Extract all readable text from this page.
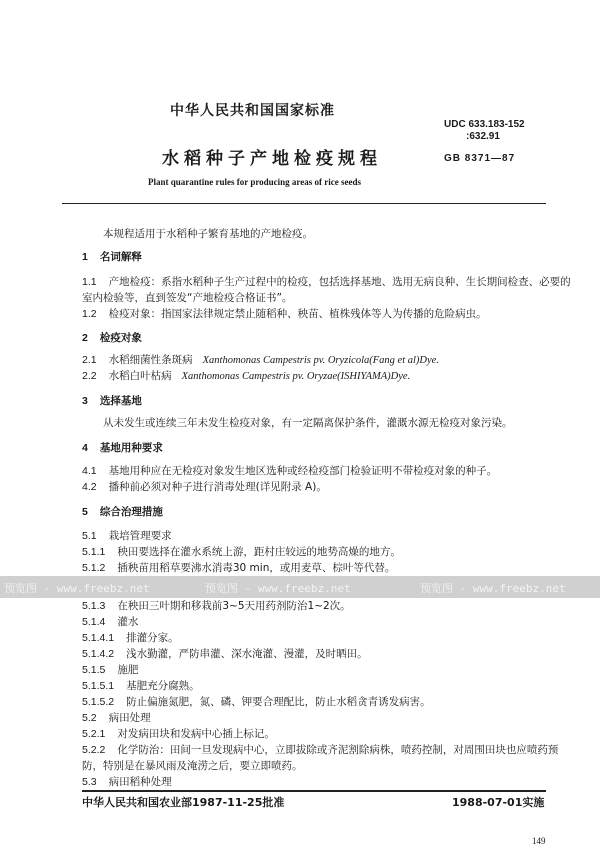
中华人民共和国国家标准
UDC 633.183-152
:632.91
水稻种子产地检疫规程	GB 8371—87
Plant quarantine rules for producing areas of rice seeds
本规程适用于水稻种子繁育基地的产地检疫。
1 名词解释
1.1 产地检疫：系指水稻种子生产过程中的检疫，包括选择基地、选用无病良种、生长期间检查、必要的
室内检验等，直到签发“产地检疫合格证书”。
1.2 检疫对象：指国家法律规定禁止随稻种、秧苗、植株残体等人为传播的危险病虫。
2 检疫对象
2.1 水稻细菌性条斑病 Xanthomonas Campestris pv. Oryzicola(Fang et al)Dye.
2.2 水稻白叶枯病 Xanthomonas Campestris pv. Oryzae(ISHIYAMA)Dye.
3 选择基地
从未发生或连续三年未发生检疫对象，有一定隔离保护条件，灌溉水源无检疫对象污染。
4 基地用种要求
4.1 基地用种应在无检疫对象发生地区选种或经检疫部门检验证明不带检疫对象的种子。
4.2 播种前必须对种子进行消毒处理(详见附录 A)。
5 综合治理措施
5.1 栽培管理要求
5.1.1 秧田要选择在灌水系统上游，距村庄较远的地势高燥的地方。
5.1.2 插秧苗用稻草要沸水消毒30 min，或用麦草、棕叶等代替。
预览图 - www.freebz.net	预览图 - www.freebz.net	预览图 - www.freebz.net
5.1.3 在秧田三叶期和移栽前3~5天用药剂防治1~2次。
5.1.4 灌水
5.1.4.1 排灌分家。
5.1.4.2 浅水勤灌，严防串灌、深水淹灌、漫灌，及时晒田。
5.1.5 施肥
5.1.5.1 基肥充分腐熟。
5.1.5.2 防止偏施氮肥，氮、磷、钾要合理配比，防止水稻贪青诱发病害。
5.2 病田处理
5.2.1 对发病田块和发病中心插上标记。
5.2.2 化学防治：田间一旦发现病中心，立即拔除或齐泥割除病株，喷药控制，对周围田块也应喷药预
防，特别是在暴风雨及淹涝之后，要立即喷药。
5.3 病田稻种处理
中华人民共和国农业部1987-11-25批准	1988-07-01实施
149
